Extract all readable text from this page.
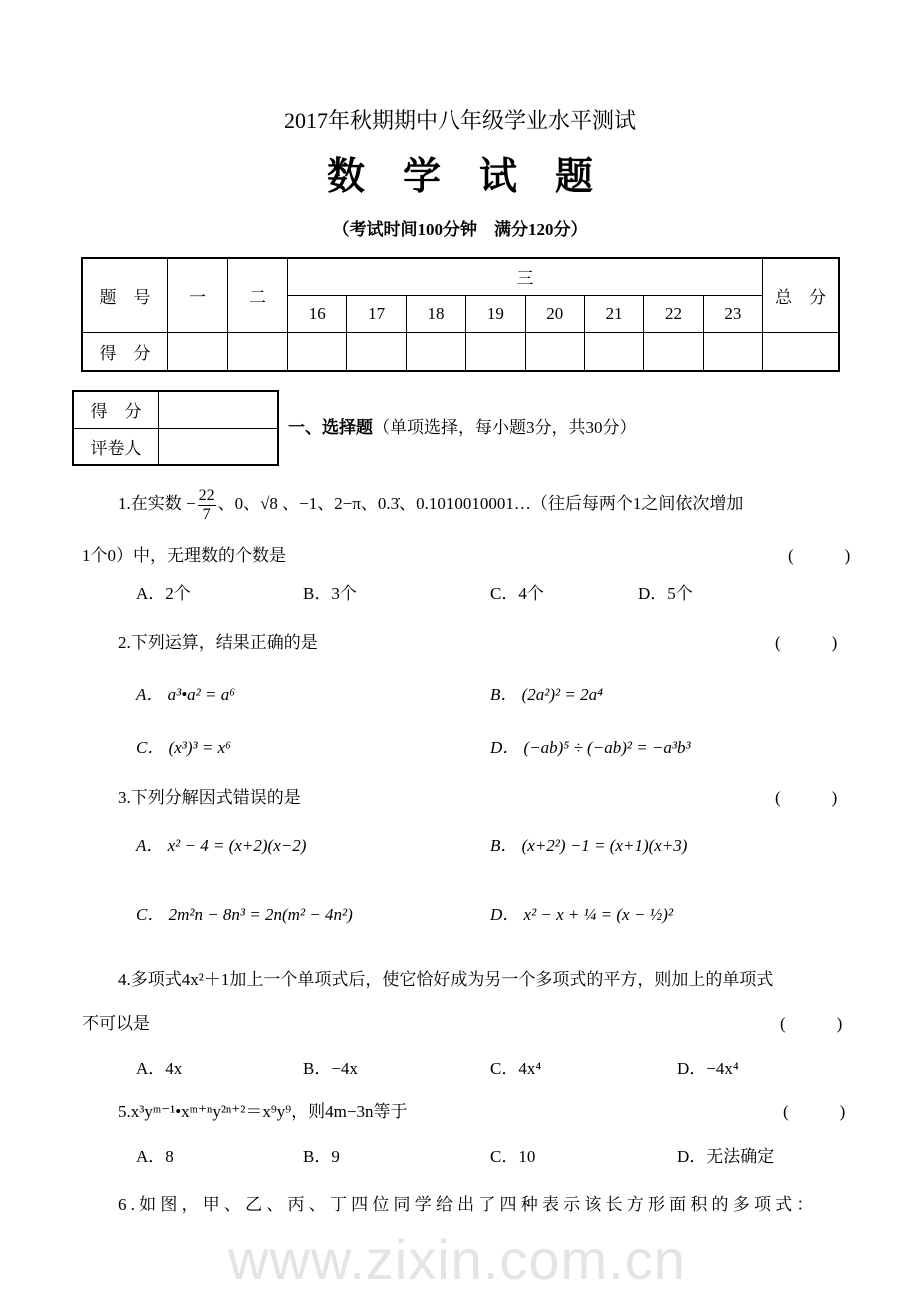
2017年秋期期中八年级学业水平测试
数　学　试　题
（考试时间100分钟　满分120分）
题　号	一	二	三								总　分
			16	17	18	19	20	21	22	23	
得　分											
得　分	
评卷人	
一、选择题（单项选择，每小题3分，共30分）
1.在实数 − $\frac{22}{7}$ 、0、√8 、−1、2−π、0.3̇、0.1010010001…（往后每两个1之间依次增加
1个0）中，无理数的个数是	(　　　)
A．2个	B．3个	C．4个	D．5个
2.下列运算，结果正确的是	(　　　)
A． a³•a² = a⁶	B． (2a²)² = 2a⁴
C． (x³)³ = x⁶	D． (−ab)⁵ ÷ (−ab)² = −a³b³
3.下列分解因式错误的是	(　　　)
A． x² − 4 = (x+2)(x−2)	B． (x+2²) −1 = (x+1)(x+3)
C． 2m²n − 8n³ = 2n(m² − 4n²)	D． x² − x + ¼ = (x − ½)²
4.多项式4x²＋1加上一个单项式后，使它恰好成为另一个多项式的平方，则加上的单项式
不可以是	(　　　)
A．4x	B．−4x	C．4x⁴	D．−4x⁴
5.x³yᵐ⁻¹•xᵐ⁺ⁿy²ⁿ⁺²＝x⁹y⁹，则4m−3n等于	(　　　)
A．8	B．9	C．10	D．无法确定
6.如图，甲、乙、丙、丁四位同学给出了四种表示该长方形面积的多项式：
www.zixin.com.cn
